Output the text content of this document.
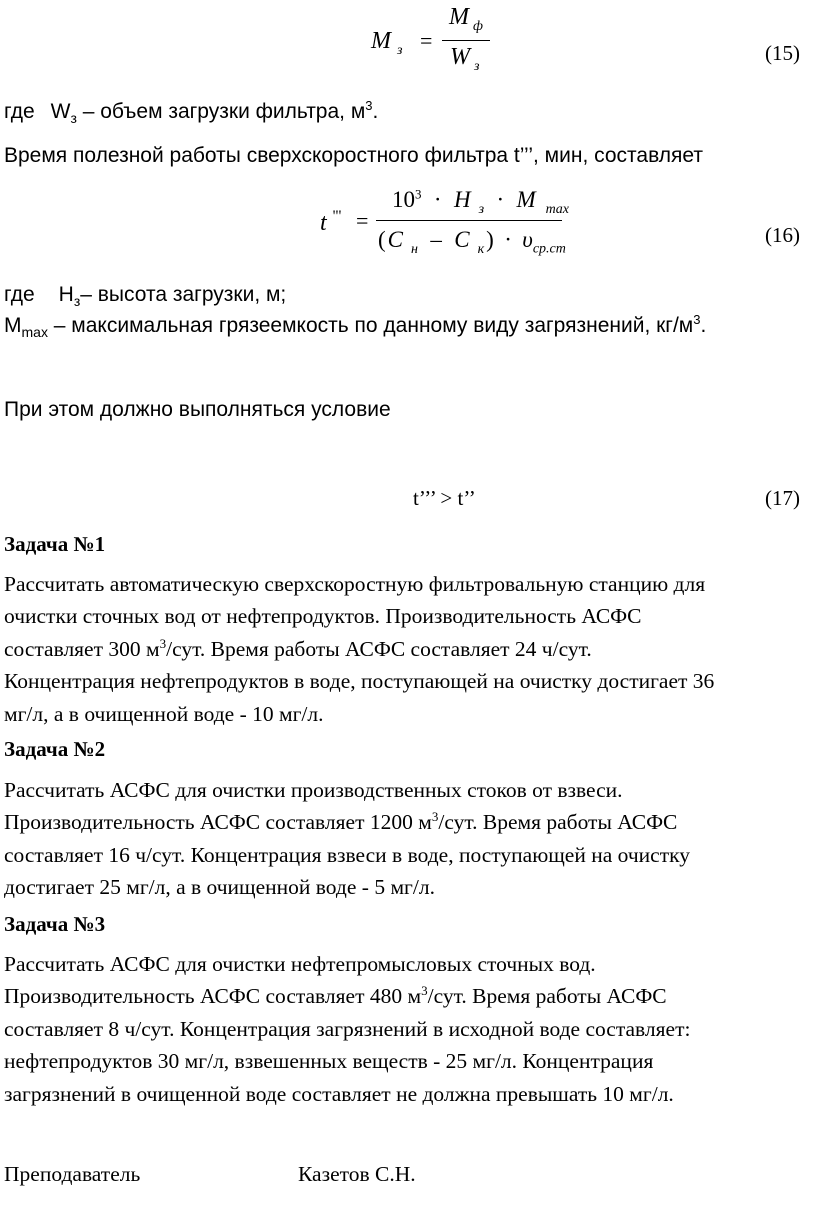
M $_з$ =
M $_ф$
W $_з$
(15)
где $W_з$ – объем загрузки фильтра, $м^3$.
Время полезной работы сверхскоростного фильтра t’’’, мин, составляет
t ''' =
$10^3 \cdot H$ $_з$ · M $_{max}$
(C $_н$ – C $_к) \cdot \upsilon_{ср.ст}$
(16)
где $Н_з-$ высота загрузки, м;
$M_{max}$ – максимальная грязеемкость по данному виду загрязнений, $кг/м^3$.
При этом должно выполняться условие
t’’’ > t’’	(17)
Задача №1

Рассчитать автоматическую сверхскоростную фильтровальную станцию для

очистки сточных вод от нефтепродуктов. Производительность АСФС

составляет 300 $м^3$/сут. Время работы АСФС составляет 24 ч/сут.

Концентрация нефтепродуктов в воде, поступающей на очистку достигает 36

мг/л, а в очищенной воде - 10 мг/л.

Задача №2

Рассчитать АСФС для очистки производственных стоков от взвеси.

Производительность АСФС составляет 1200 $м^3$/сут. Время работы АСФС

составляет 16 ч/сут. Концентрация взвеси в воде, поступающей на очистку

достигает 25 мг/л, а в очищенной воде - 5 мг/л.

Задача №3

Рассчитать АСФС для очистки нефтепромысловых сточных вод.

Производительность АСФС составляет 480 $м^3$/сут. Время работы АСФС

составляет 8 ч/сут. Концентрация загрязнений в исходной воде составляет:

нефтепродуктов 30 мг/л, взвешенных веществ - 25 мг/л. Концентрация

загрязнений в очищенной воде составляет не должна превышать 10 мг/л.

Преподаватель	Казетов С.Н.
